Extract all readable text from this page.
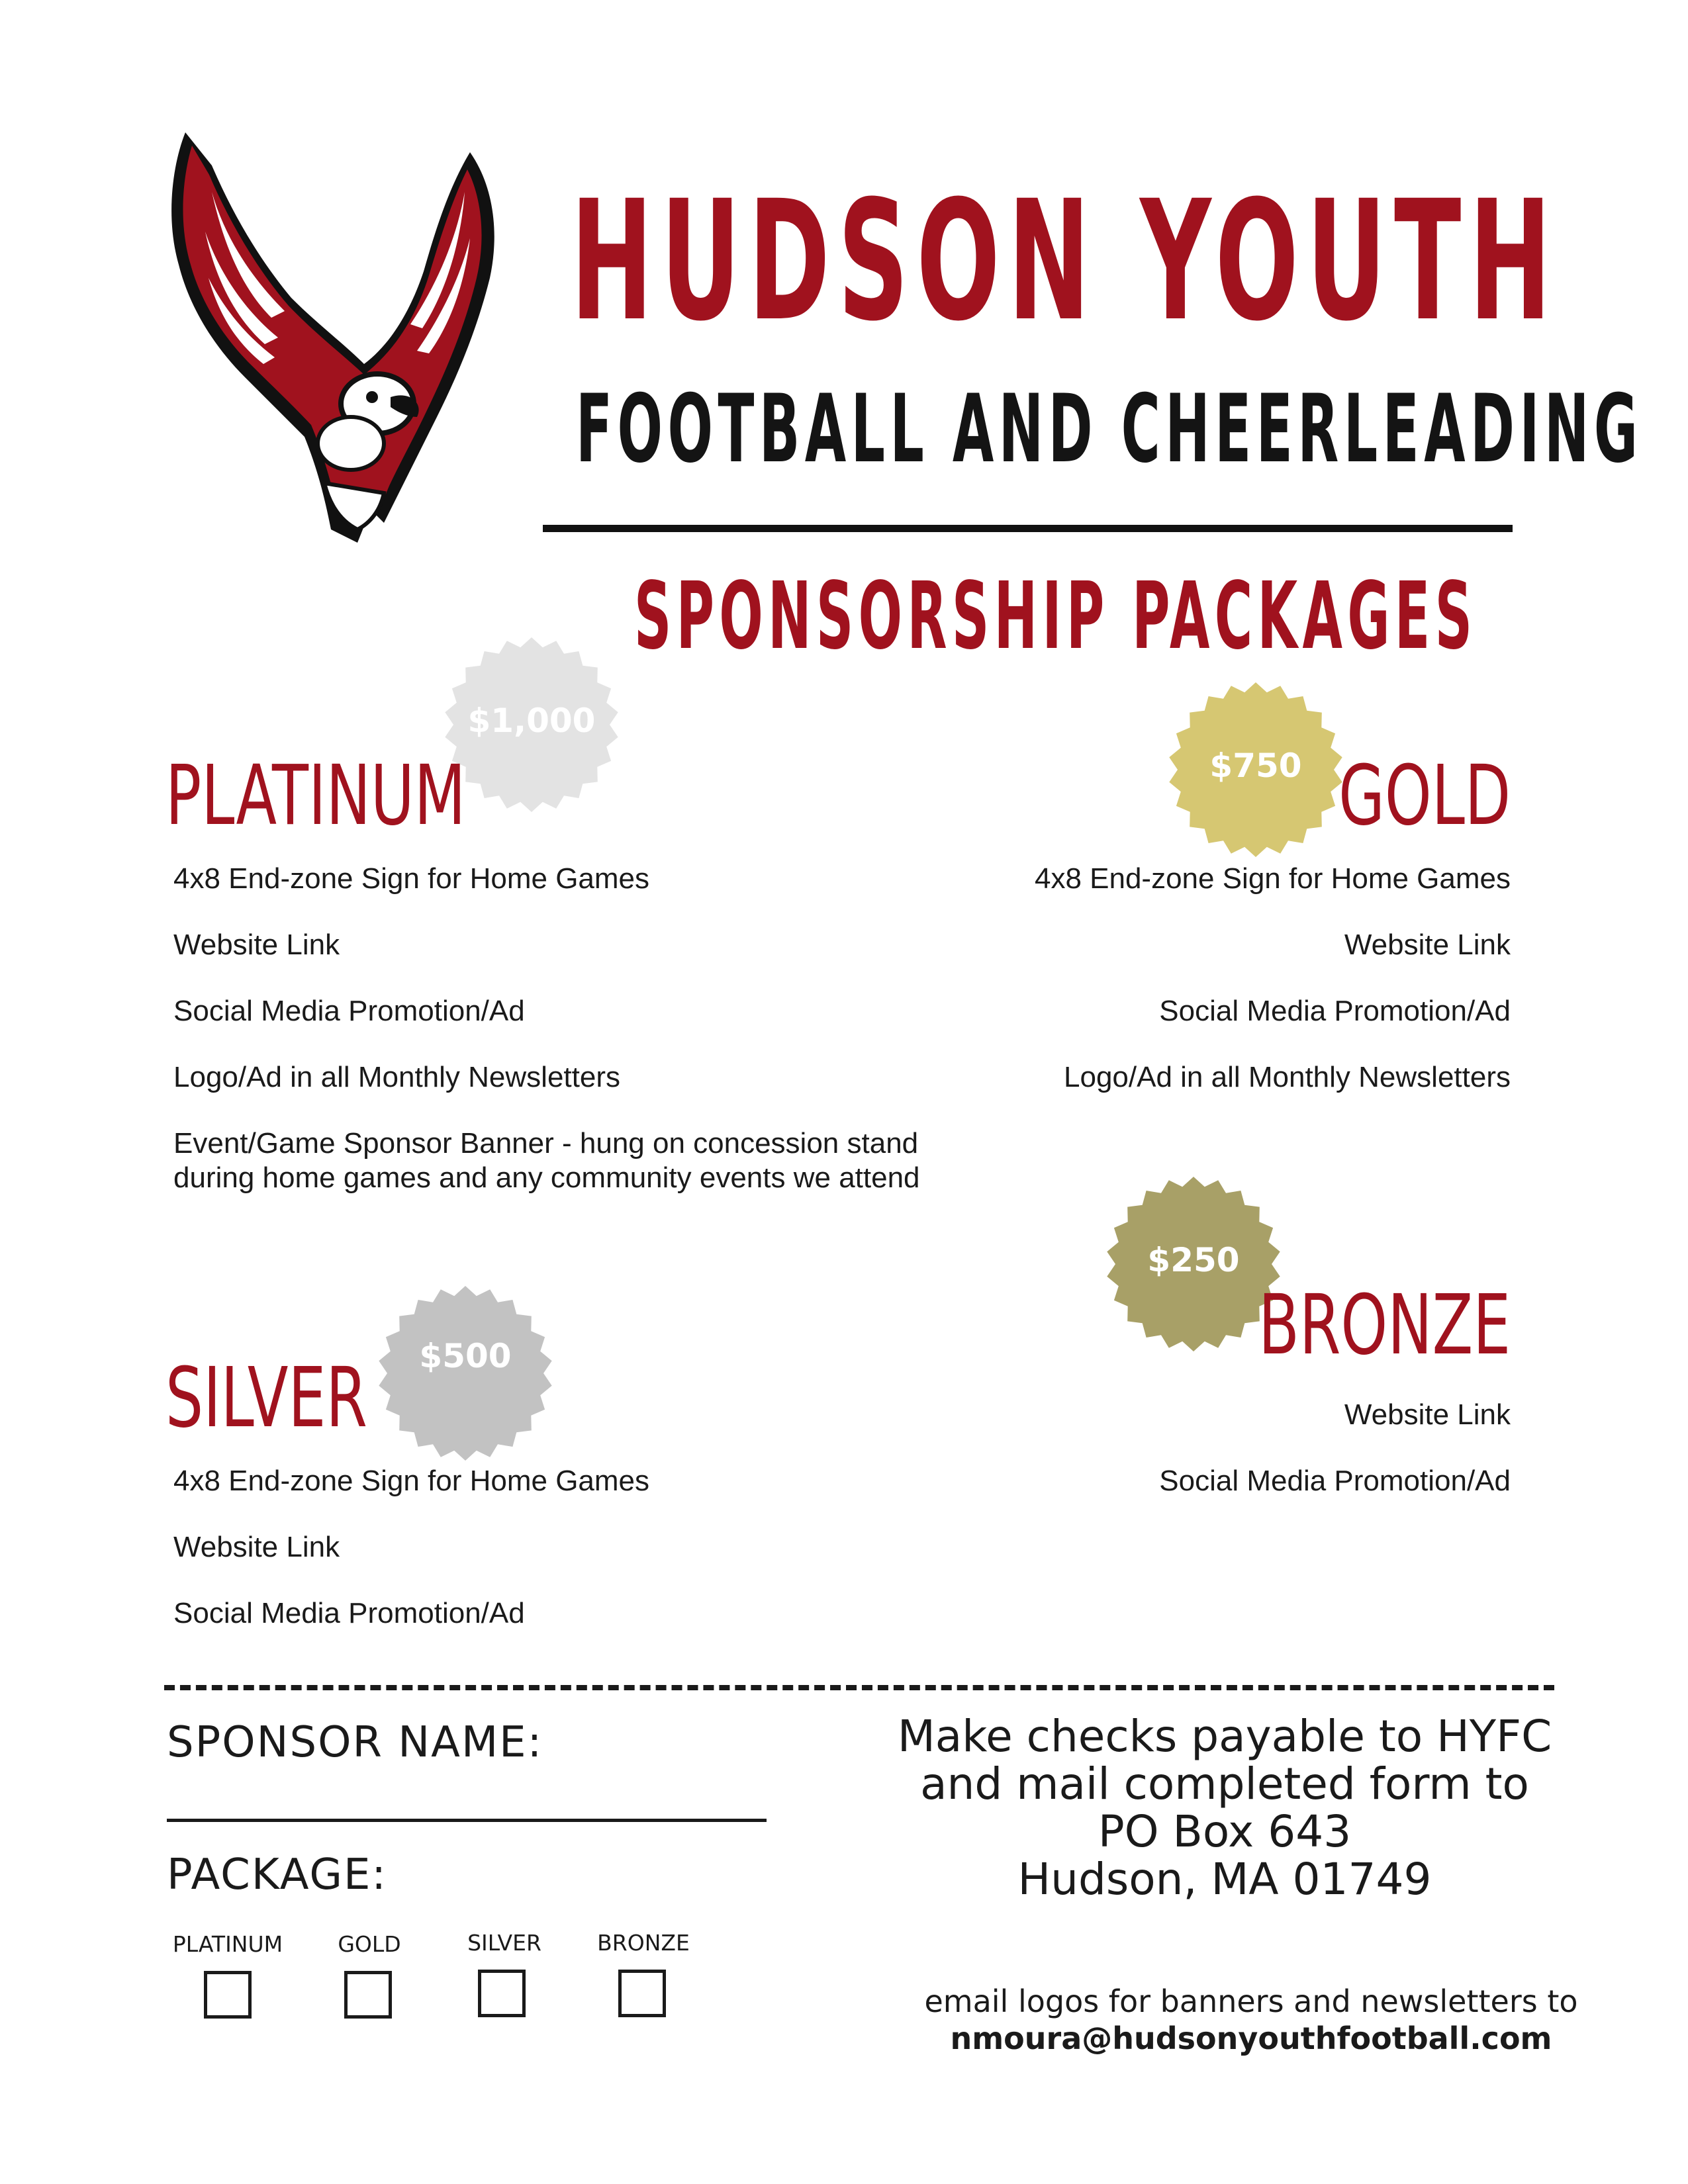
HUDSON YOUTH
FOOTBALL AND CHEERLEADING
SPONSORSHIP PACKAGES
$1,000
PLATINUM
4x8 End-zone Sign for Home Games
Website Link
Social Media Promotion/Ad
Logo/Ad in all Monthly Newsletters
Event/Game Sponsor Banner - hung on concession stand during home games and any community events we attend
$750 GOLD
4x8 End-zone Sign for Home Games
Website Link
Social Media Promotion/Ad
Logo/Ad in all Monthly Newsletters
$250
BRONZE
Website Link
Social Media Promotion/Ad
$500
SILVER
4x8 End-zone Sign for Home Games
Website Link
Social Media Promotion/Ad
SPONSOR NAME:
PACKAGE:
PLATINUM	GOLD	SILVER	BRONZE
Make checks payable to HYFC
and mail completed form to
PO Box 643
Hudson, MA 01749
email logos for banners and newsletters to
nmoura@hudsonyouthfootball.com
